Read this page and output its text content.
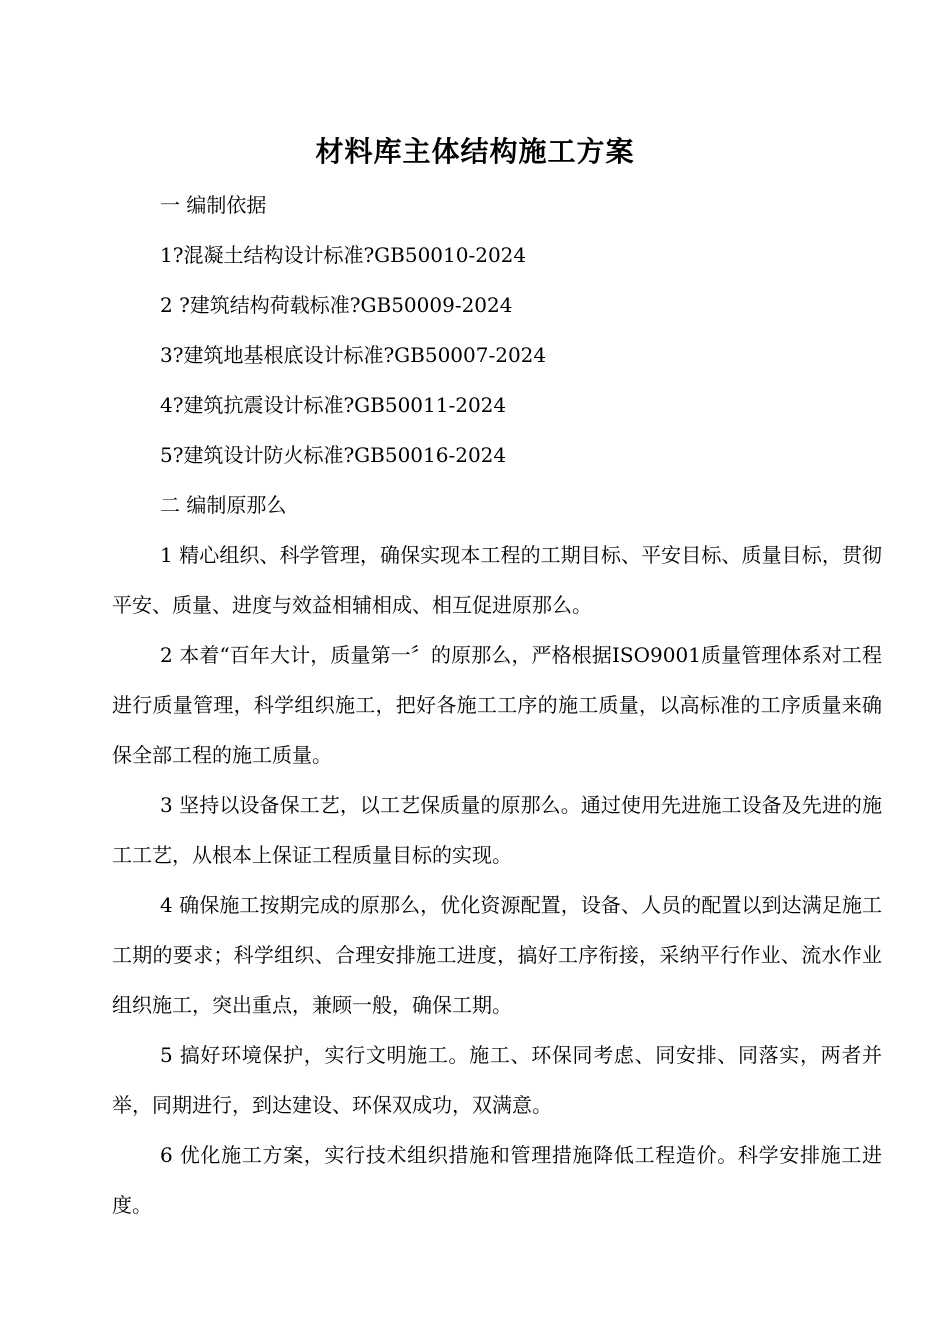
材料库主体结构施工方案

一 编制依据

1?混凝土结构设计标准?GB50010-2024

2 ?建筑结构荷载标准?GB50009-2024

3?建筑地基根底设计标准?GB50007-2024

4?建筑抗震设计标准?GB50011-2024

5?建筑设计防火标准?GB50016-2024

二 编制原那么

1 精心组织、科学管理，确保实现本工程的工期目标、平安目标、质量目标，贯彻平安、质量、进度与效益相辅相成、相互促进原那么。

2 本着“百年大计，质量第一〞的原那么，严格根据ISO9001质量管理体系对工程进行质量管理，科学组织施工，把好各施工工序的施工质量，以高标准的工序质量来确保全部工程的施工质量。

3 坚持以设备保工艺，以工艺保质量的原那么。通过使用先进施工设备及先进的施工工艺，从根本上保证工程质量目标的实现。

4 确保施工按期完成的原那么，优化资源配置，设备、人员的配置以到达满足施工工期的要求；科学组织、合理安排施工进度，搞好工序衔接，采纳平行作业、流水作业组织施工，突出重点，兼顾一般，确保工期。

5 搞好环境保护，实行文明施工。施工、环保同考虑、同安排、同落实，两者并举，同期进行，到达建设、环保双成功，双满意。

6 优化施工方案，实行技术组织措施和管理措施降低工程造价。科学安排施工进度。
